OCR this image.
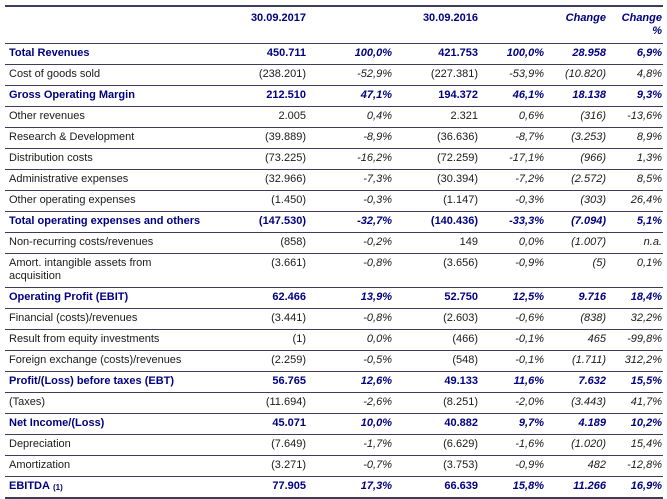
	30.09.2017		30.09.2016		Change	Change
%

Total Revenues	450.711	100,0%	421.753	100,0%	28.958	6,9%
Cost of goods sold	(238.201)	-52,9%	(227.381)	-53,9%	(10.820)	4,8%
Gross Operating Margin	212.510	47,1%	194.372	46,1%	18.138	9,3%
Other revenues	2.005	0,4%	2.321	0,6%	(316)	-13,6%
Research & Development	(39.889)	-8,9%	(36.636)	-8,7%	(3.253)	8,9%
Distribution costs	(73.225)	-16,2%	(72.259)	-17,1%	(966)	1,3%
Administrative expenses	(32.966)	-7,3%	(30.394)	-7,2%	(2.572)	8,5%
Other operating expenses	(1.450)	-0,3%	(1.147)	-0,3%	(303)	26,4%
Total operating expenses and others	(147.530)	-32,7%	(140.436)	-33,3%	(7.094)	5,1%
Non-recurring costs/revenues	(858)	-0,2%	149	0,0%	(1.007)	n.a.
Amort. intangible assets from acquisition	(3.661)	-0,8%	(3.656)	-0,9%	(5)	0,1%
Operating Profit (EBIT)	62.466	13,9%	52.750	12,5%	9.716	18,4%
Financial (costs)/revenues	(3.441)	-0,8%	(2.603)	-0,6%	(838)	32,2%
Result from equity investments	(1)	0,0%	(466)	-0,1%	465	-99,8%
Foreign exchange (costs)/revenues	(2.259)	-0,5%	(548)	-0,1%	(1.711)	312,2%
Profit/(Loss) before taxes (EBT)	56.765	12,6%	49.133	11,6%	7.632	15,5%
(Taxes)	(11.694)	-2,6%	(8.251)	-2,0%	(3.443)	41,7%
Net Income/(Loss)	45.071	10,0%	40.882	9,7%	4.189	10,2%
Depreciation	(7.649)	-1,7%	(6.629)	-1,6%	(1.020)	15,4%
Amortization	(3.271)	-0,7%	(3.753)	-0,9%	482	-12,8%
EBITDA (1)	77.905	17,3%	66.639	15,8%	11.266	16,9%
